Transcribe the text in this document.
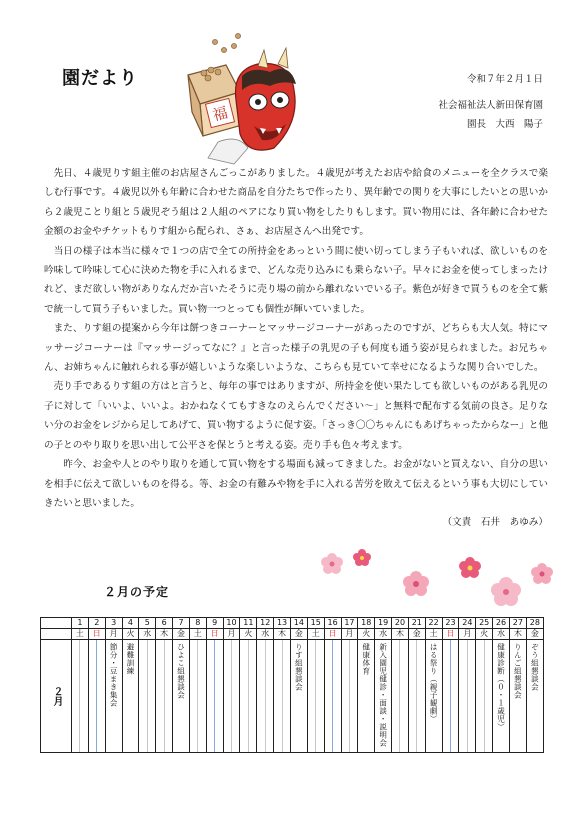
園だより	令和７年２月１日
社会福祉法人新田保育園
園長　大西　陽子
福

先日、４歳児りす組主催のお店屋さんごっこがありました。４歳児が考えたお店や給食のメニューを全クラスで楽しむ行事です。４歳児以外も年齢に合わせた商品を自分たちで作ったり、異年齢での関りを大事にしたいとの思いから２歳児ことり組と５歳児ぞう組は２人組のペアになり買い物をしたりもします。買い物用には、各年齢に合わせた金額のお金やチケットもりす組から配られ、さぁ、お店屋さんへ出発です。

当日の様子は本当に様々で１つの店で全ての所持金をあっという間に使い切ってしまう子もいれば、欲しいものを吟味して吟味して心に決めた物を手に入れるまで、どんな売り込みにも乗らない子。早々にお金を使ってしまったけれど、まだ欲しい物がありなんだか言いたそうに売り場の前から離れないでいる子。紫色が好きで買うものを全て紫で統一して買う子もいました。買い物一つとっても個性が輝いていました。

また、りす組の提案から今年は餅つきコーナーとマッサージコーナーがあったのですが、どちらも大人気。特にマッサージコーナーは『マッサージってなに？』と言った様子の乳児の子も何度も通う姿が見られました。お兄ちゃん、お姉ちゃんに触れられる事が嬉しいような楽しいような、こちらも見ていて幸せになるような関り合いでした。

売り手であるりす組の方はと言うと、毎年の事ではありますが、所持金を使い果たしても欲しいものがある乳児の子に対して「いいよ、いいよ。おかねなくてもすきなのえらんでください～」と無料で配布する気前の良さ。足りない分のお金をレジから足してあげて、買い物するように促す姿。「さっき〇〇ちゃんにもあげちゃったからなー」と他の子とのやり取りを思い出して公平さを保とうと考える姿。売り手も色々考えます。

　昨今、お金や人とのやり取りを通して買い物をする場面も減ってきました。お金がないと買えない、自分の思いを相手に伝えて欲しいものを得る。等、お金の有難みや物を手に入れる苦労を敗えて伝えるという事も大切にしていきたいと思いました。

（文責　石井　あゆみ）
２月の予定
	1	2	3	4	5	6	7	8	9	10	11	12	13	14	15	16	17	18	19	20	21	22	23	24	25	26	27	28
	土	日	月	火	水	木	金	土	日	月	火	水	木	金	土	日	月	火	水	木	金	土	日	月	火	水	木	金
２月			節分・豆まき集会	避難訓練			ひよこ組懇談会							りす組懇談会				健康体育	新入園児健診・面談・説明会			はる祭り（親子観劇）				健康診断（０・１歳児）	りんご組懇談会	ぞう組懇談会
